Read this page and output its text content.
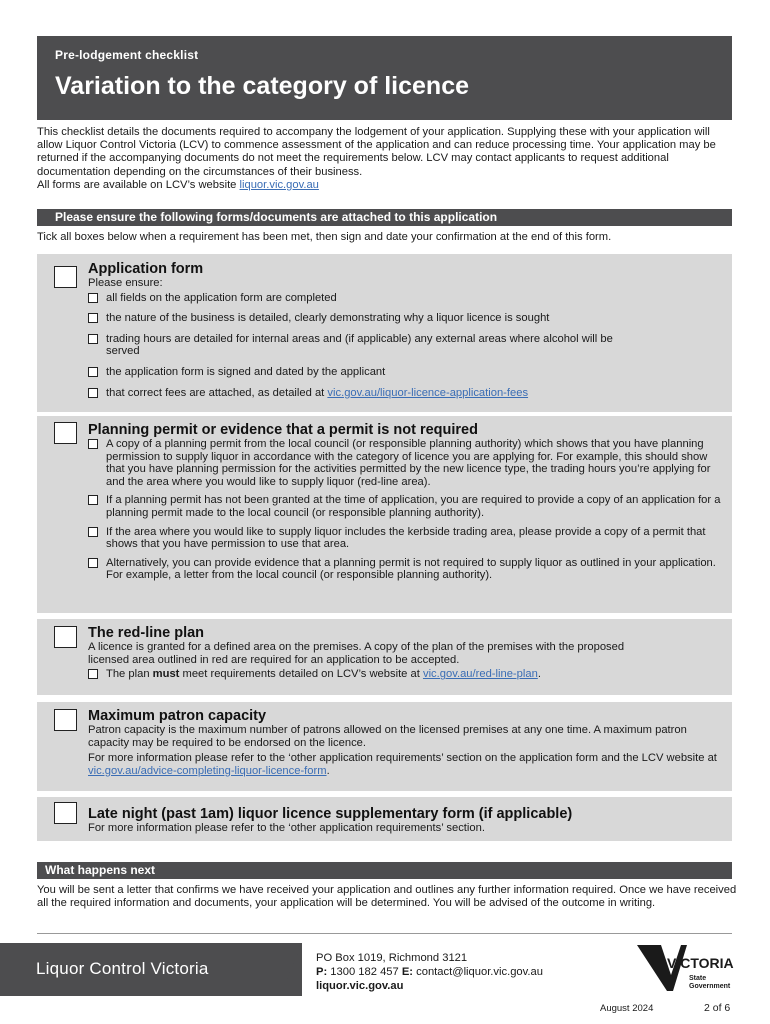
Pre-lodgement checklist
Variation to the category of licence
This checklist details the documents required to accompany the lodgement of your application. Supplying these with your application will allow Liquor Control Victoria (LCV) to commence assessment of the application and can reduce processing time. Your application may be returned if the accompanying documents do not meet the requirements below. LCV may contact applicants to request additional documentation depending on the circumstances of their business.
All forms are available on LCV’s website liquor.vic.gov.au
Please ensure the following forms/documents are attached to this application
Tick all boxes below when a requirement has been met, then sign and date your confirmation at the end of this form.
Application form
Please ensure:
all fields on the application form are completed
the nature of the business is detailed, clearly demonstrating why a liquor licence is sought
trading hours are detailed for internal areas and (if applicable) any external areas where alcohol will be served
the application form is signed and dated by the applicant
that correct fees are attached, as detailed at vic.gov.au/liquor-licence-application-fees
Planning permit or evidence that a permit is not required
A copy of a planning permit from the local council (or responsible planning authority) which shows that you have planning permission to supply liquor in accordance with the category of licence you are applying for. For example, this should show that you have planning permission for the activities permitted by the new licence type, the trading hours you’re applying for and the area where you would like to supply liquor (red-line area).
If a planning permit has not been granted at the time of application, you are required to provide a copy of an application for a planning permit made to the local council (or responsible planning authority).
If the area where you would like to supply liquor includes the kerbside trading area, please provide a copy of a permit that shows that you have permission to use that area.
Alternatively, you can provide evidence that a planning permit is not required to supply liquor as outlined in your application. For example, a letter from the local council (or responsible planning authority).
The red-line plan
A licence is granted for a defined area on the premises. A copy of the plan of the premises with the proposed licensed area outlined in red are required for an application to be accepted.
The plan must meet requirements detailed on LCV’s website at vic.gov.au/red-line-plan.
Maximum patron capacity
Patron capacity is the maximum number of patrons allowed on the licensed premises at any one time. A maximum patron capacity may be required to be endorsed on the licence.
For more information please refer to the ‘other application requirements’ section on the application form and the LCV website at vic.gov.au/advice-completing-liquor-licence-form.
Late night (past 1am) liquor licence supplementary form (if applicable)
For more information please refer to the ‘other application requirements’ section.
What happens next
You will be sent a letter that confirms we have received your application and outlines any further information required. Once we have received all the required information and documents, your application will be determined. You will be advised of the outcome in writing.
Liquor Control Victoria
PO Box 1019, Richmond 3121
P: 1300 182 457 E: contact@liquor.vic.gov.au
liquor.vic.gov.au
VICTORIA
State
Government
August 2024	2 of 6
